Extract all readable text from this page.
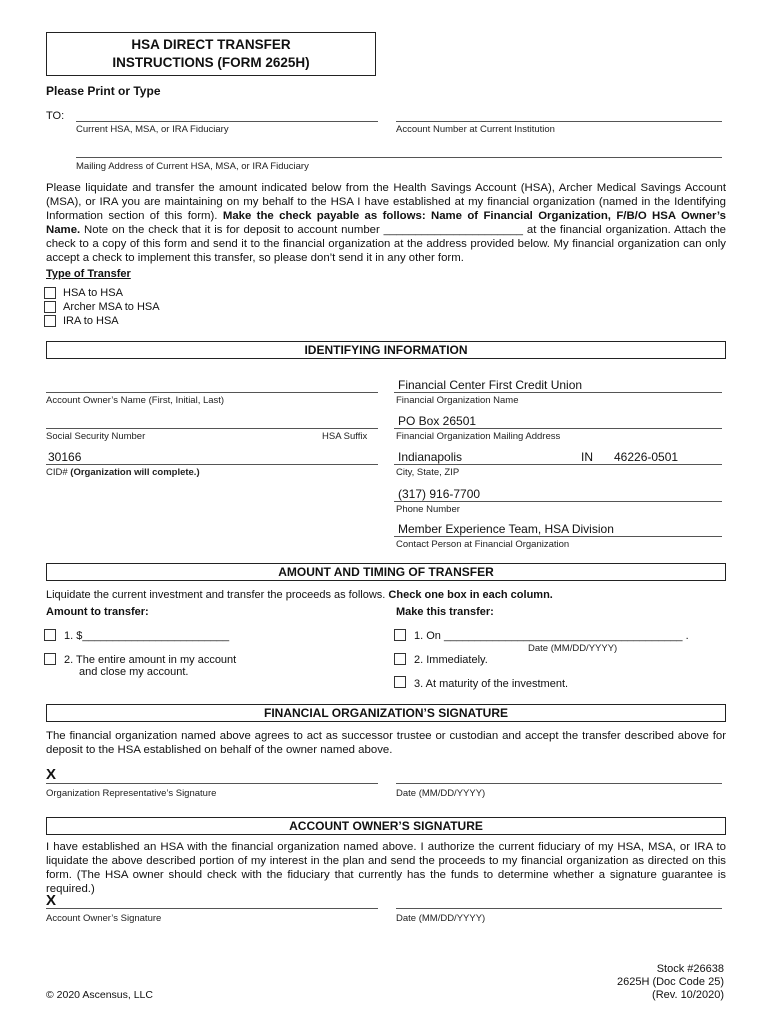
HSA DIRECT TRANSFER
INSTRUCTIONS (FORM 2625H)
Please Print or Type
TO:
Current HSA, MSA, or IRA Fiduciary	Account Number at Current Institution
Mailing Address of Current HSA, MSA, or IRA Fiduciary
Please liquidate and transfer the amount indicated below from the Health Savings Account (HSA), Archer Medical Savings Account (MSA), or IRA you are maintaining on my behalf to the HSA I have established at my financial organization (named in the Identifying Information section of this form). Make the check payable as follows: Name of Financial Organization, F/B/O HSA Owner’s Name. Note on the check that it is for deposit to account number ______________________ at the financial organization. Attach the check to a copy of this form and send it to the financial organization at the address provided below. My financial organization can only accept a check to implement this transfer, so please don’t send it in any other form.
Type of Transfer
HSA to HSA
Archer MSA to HSA
IRA to HSA
IDENTIFYING INFORMATION
Account Owner’s Name (First, Initial, Last)
Social Security Number	HSA Suffix
30166
CID# (Organization will complete.)
Financial Center First Credit Union
Financial Organization Name
PO Box 26501
Financial Organization Mailing Address
Indianapolis	IN 46226-0501
City, State, ZIP
(317) 916-7700
Phone Number
Member Experience Team, HSA Division
Contact Person at Financial Organization
AMOUNT AND TIMING OF TRANSFER
Liquidate the current investment and transfer the proceeds as follows. Check one box in each column.
Amount to transfer:	Make this transfer:
1. $________________________
2. The entire amount in my account
and close my account.
1. On _______________________________________ .
Date (MM/DD/YYYY)
2. Immediately.
3. At maturity of the investment.
FINANCIAL ORGANIZATION’S SIGNATURE
The financial organization named above agrees to act as successor trustee or custodian and accept the transfer described above for deposit to the HSA established on behalf of the owner named above.
X
Organization Representative’s Signature	Date (MM/DD/YYYY)
ACCOUNT OWNER’S SIGNATURE
I have established an HSA with the financial organization named above. I authorize the current fiduciary of my HSA, MSA, or IRA to liquidate the above described portion of my interest in the plan and send the proceeds to my financial organization as directed on this form. (The HSA owner should check with the fiduciary that currently has the funds to determine whether a signature guarantee is required.)
X
Account Owner’s Signature	Date (MM/DD/YYYY)
© 2020 Ascensus, LLC
Stock #26638
2625H (Doc Code 25)
(Rev. 10/2020)
